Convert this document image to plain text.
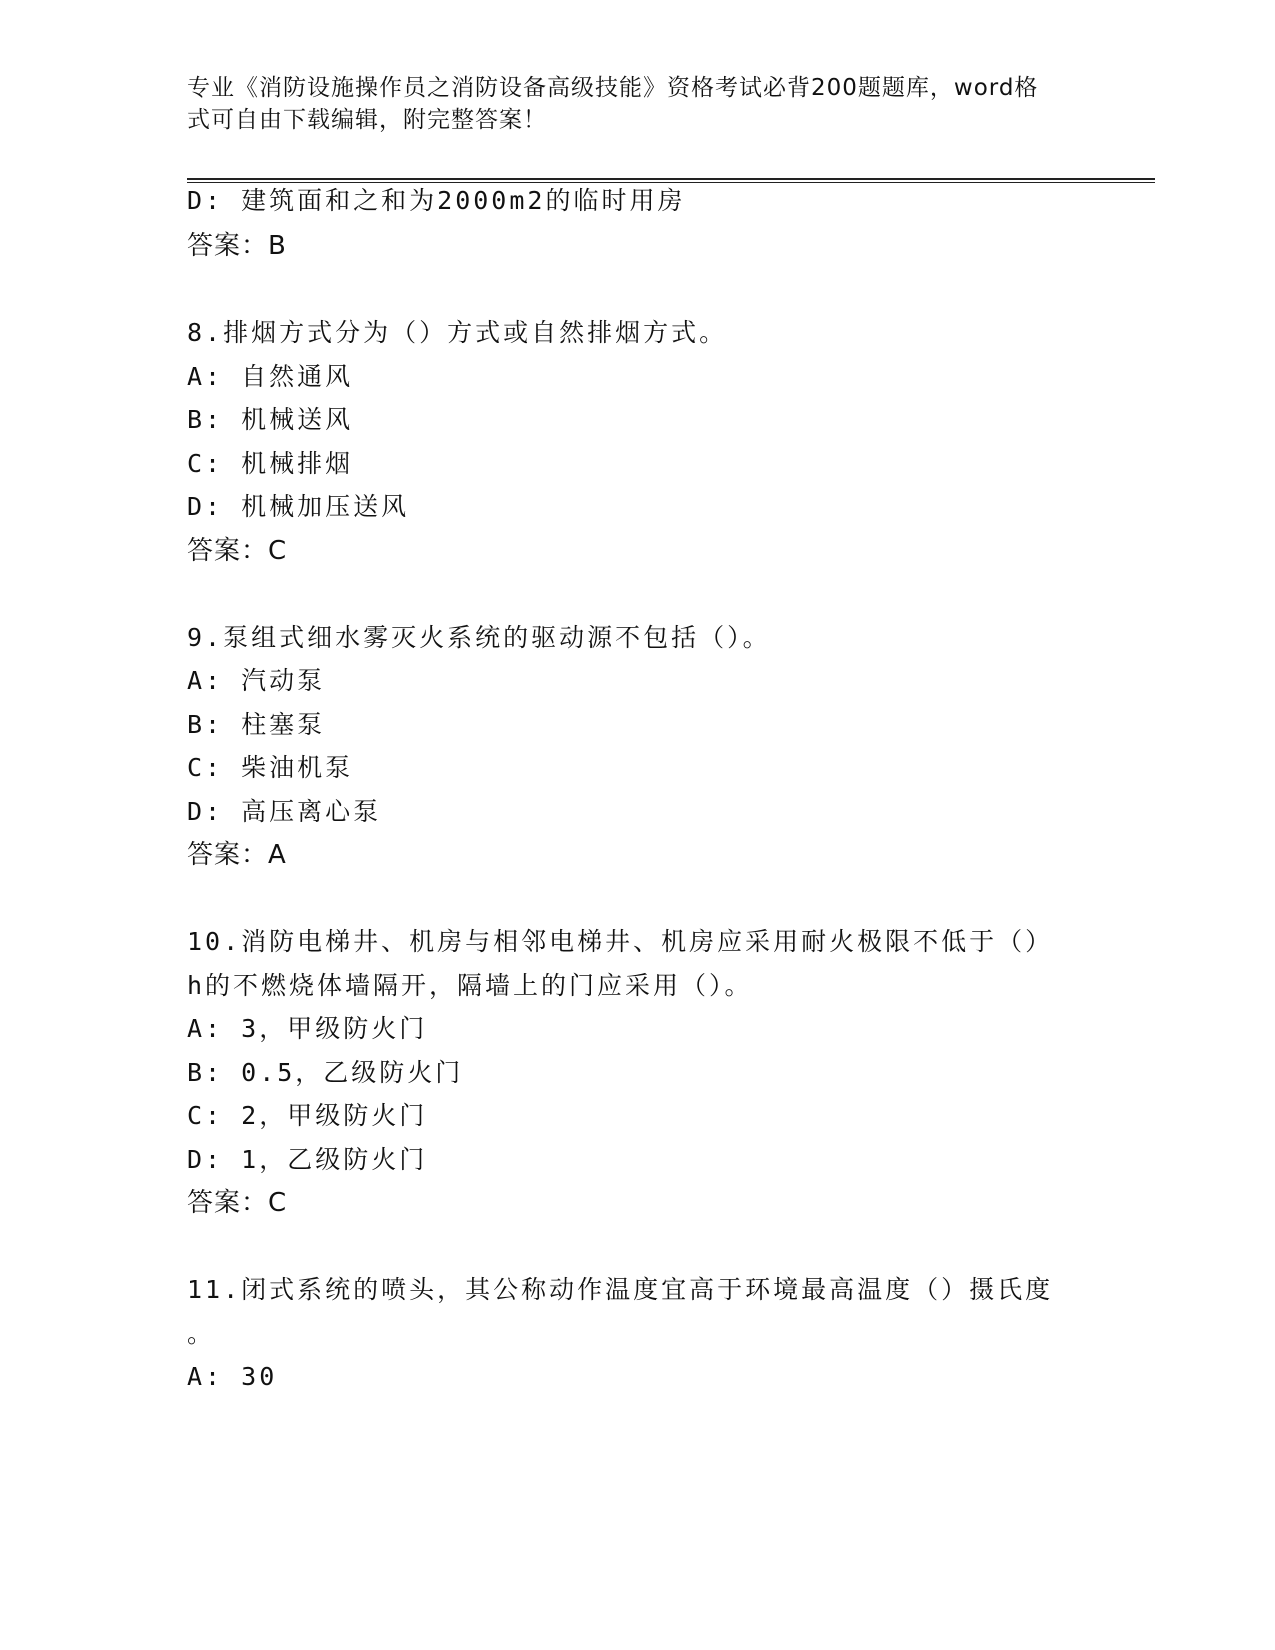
专业《消防设施操作员之消防设备高级技能》资格考试必背200题题库，word格
式可自由下载编辑，附完整答案！
D: 建筑面和之和为2000m2的临时用房
答案：B
8.排烟方式分为（）方式或自然排烟方式。
A: 自然通风
B: 机械送风
C: 机械排烟
D: 机械加压送风
答案：C
9.泵组式细水雾灭火系统的驱动源不包括（）。
A: 汽动泵
B: 柱塞泵
C: 柴油机泵
D: 高压离心泵
答案：A
10.消防电梯井、机房与相邻电梯井、机房应采用耐火极限不低于（）
h的不燃烧体墙隔开，隔墙上的门应采用（）。
A: 3，甲级防火门
B: 0.5，乙级防火门
C: 2，甲级防火门
D: 1，乙级防火门
答案：C
11.闭式系统的喷头，其公称动作温度宜高于环境最高温度（）摄氏度
。
A: 30
